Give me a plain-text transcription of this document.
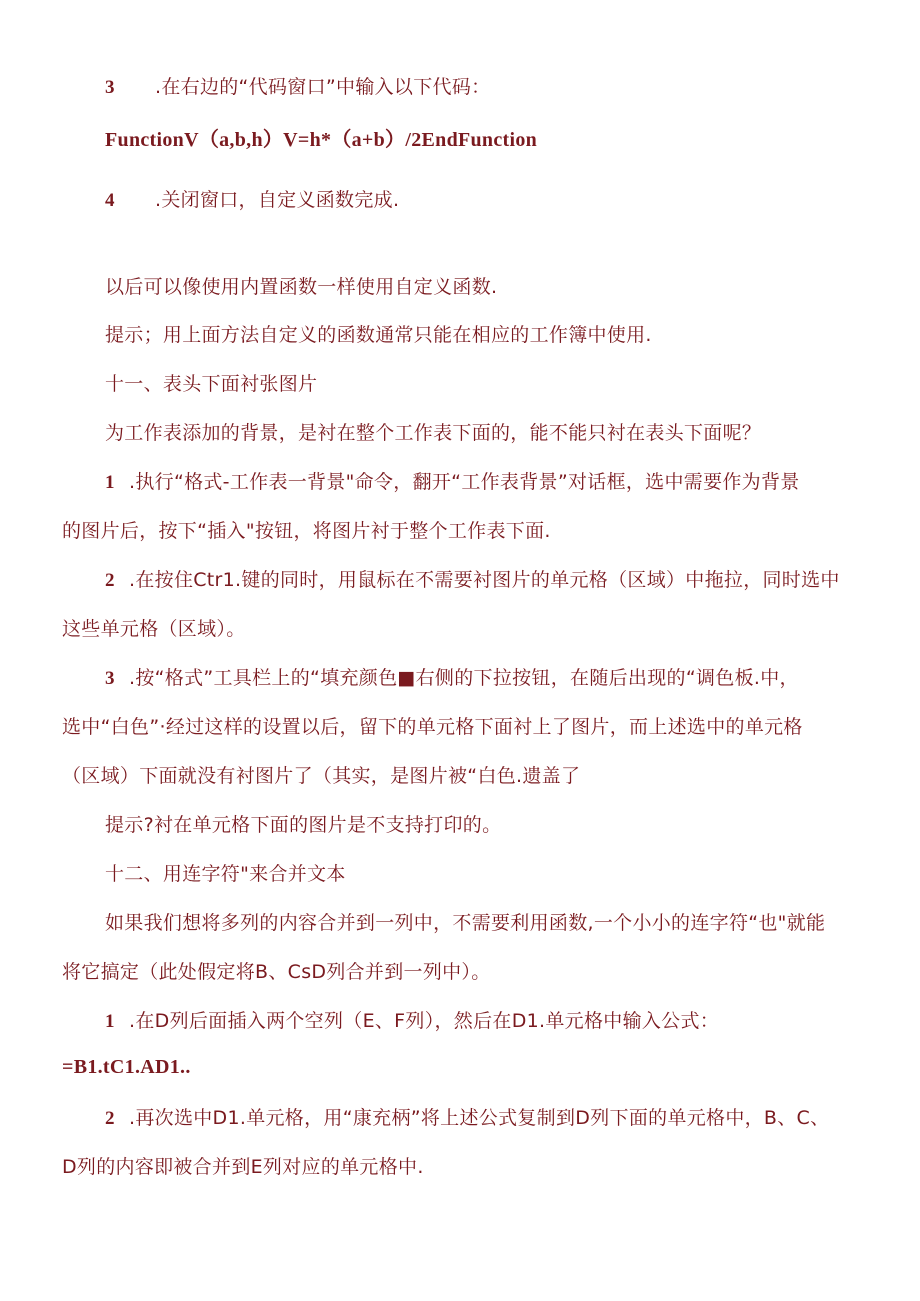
3 .在右边的“代码窗口”中输入以下代码：
FunctionV（a,b,h）V=h*（a+b）/2EndFunction
4 .关闭窗口，自定义函数完成.
以后可以像使用内置函数一样使用自定义函数.
提示；用上面方法自定义的函数通常只能在相应的工作簿中使用.
十一、表头下面衬张图片
为工作表添加的背景，是衬在整个工作表下面的，能不能只衬在表头下面呢？
1 .执行“格式-工作表一背景"命令，翻开“工作表背景”对话框，选中需要作为背景
的图片后，按下“插入"按钮，将图片衬于整个工作表下面.
2 .在按住Ctr1.键的同时，用鼠标在不需要衬图片的单元格（区域）中拖拉，同时选中
这些单元格（区域）。
3 .按“格式”工具栏上的“填充颜色■右侧的下拉按钮，在随后出现的“调色板.中，
选中“白色”·经过这样的设置以后，留下的单元格下面衬上了图片，而上述选中的单元格
（区域）下面就没有衬图片了（其实，是图片被“白色.遗盖了
提示?衬在单元格下面的图片是不支持打印的。
十二、用连字符"来合并文本
如果我们想将多列的内容合并到一列中，不需要利用函数,一个小小的连字符“也"就能
将它搞定（此处假定将B、CsD列合并到一列中）。
1 .在D列后面插入两个空列（E、F列），然后在D1.单元格中输入公式：
=B1.tC1.AD1..
2 .再次选中D1.单元格，用“康充柄”将上述公式复制到D列下面的单元格中，B、C、
D列的内容即被合并到E列对应的单元格中.
